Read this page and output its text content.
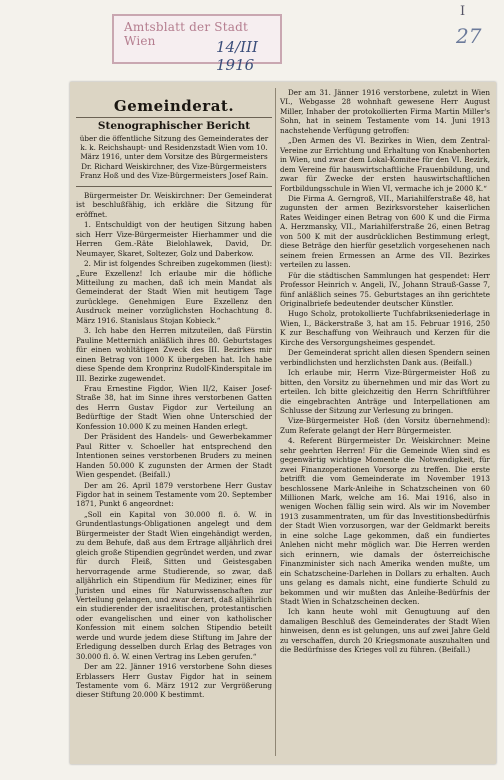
Amtsblatt der Stadt Wien	14/III 1916
I
27
Gemeinderat.
Stenographischer Bericht
über die öffentliche Sitzung des Gemeinderates der k. k. Reichshaupt- und Residenzstadt Wien vom 10. März 1916, unter dem Vorsitze des Bürgermeisters Dr. Richard Weiskirchner, des Vize-Bürgermeisters Franz Hoß und des Vize-Bürgermeisters Josef Rain.

Bürgermeister Dr. Weiskirchner: Der Gemeinderat ist beschlußfähig, ich erkläre die Sitzung für eröffnet.

1. Entschuldigt von der heutigen Sitzung haben sich Herr Vize-Bürgermeister Hierhammer und die Herren Gem.-Räte Bielohlawek, David, Dr. Neumayer, Skaret, Soltezer, Golz und Daberkow.

2. Mir ist folgendes Schreiben zugekommen (liest): „Eure Exzellenz! Ich erlaube mir die höfliche Mitteilung zu machen, daß ich mein Mandat als Gemeinderat der Stadt Wien mit heutigem Tage zurücklege. Genehmigen Eure Exzellenz den Ausdruck meiner vorzüglichsten Hochachtung 8. März 1916. Stanislaus Stojan Kobieck.“

3. Ich habe den Herren mitzuteilen, daß Fürstin Pauline Metternich anläßlich ihres 80. Geburtstages für einen wohltätigen Zweck des III. Bezirkes mir einen Betrag von 1000 K übergeben hat. Ich habe diese Spende dem Kronprinz Rudolf-Kinderspitale im III. Bezirke zugewendet.

Frau Ernestine Figdor, Wien II/2, Kaiser Josef-Straße 38, hat im Sinne ihres verstorbenen Gatten des Herrn Gustav Figdor zur Verteilung an Bedürftige der Stadt Wien ohne Unterschied der Konfession 10.000 K zu meinen Handen erlegt.

Der Präsident des Handels- und Gewerbekammer Paul Ritter v. Schoeller hat entsprechend den Intentionen seines verstorbenen Bruders zu meinen Handen 50.000 K zugunsten der Armen der Stadt Wien gespendet. (Beifall.)

Der am 26. April 1879 verstorbene Herr Gustav Figdor hat in seinem Testamente vom 20. September 1871, Punkt 6 angeordnet:

„Soll ein Kapital von 30.000 fl. ö. W. in Grundentlastungs-Obligationen angelegt und dem Bürgermeister der Stadt Wien eingehändigt werden, zu dem Behufe, daß aus dem Ertrage alljährlich drei gleich große Stipendien gegründet werden, und zwar für durch Fleiß, Sitten und Geistesgaben hervorragende arme Studierende, so zwar, daß alljährlich ein Stipendium für Mediziner, eines für Juristen und eines für Naturwissenschaften zur Verteilung gelangen, und zwar derart, daß alljährlich ein studierender der israelitischen, protestantischen oder evangelischen und einer von katholischer Konfession mit einem solchen Stipendio beteilt werde und wurde jedem diese Stiftung im Jahre der Erledigung desselben durch Erlag des Betrages von 30.000 fl. ö. W. einen Vertrag ins Leben gerufen.“

Der am 22. Jänner 1916 verstorbene Sohn dieses Erblassers Herr Gustav Figdor hat in seinem Testamente vom 6. März 1912 zur Vergrößerung dieser Stiftung 20.000 K bestimmt.

Der am 31. Jänner 1916 verstorbene, zuletzt in Wien VI., Webgasse 28 wohnhaft gewesene Herr August Miller, Inhaber der protokollierten Firma Martin Miller's Sohn, hat in seinem Testamente vom 14. Juni 1913 nachstehende Verfügung getroffen:

„Den Armen des VI. Bezirkes in Wien, dem Zentral-Vereine zur Errichtung und Erhaltung von Knabenhorten in Wien, und zwar dem Lokal-Komitee für den VI. Bezirk, dem Vereine für hauswirtschaftliche Frauenbildung, und zwar für Zwecke der ersten hauswirtschaftlichen Fortbildungsschule in Wien VI, vermache ich je 2000 K.“

Die Firma A. Gerngroß, VII., Mariahilferstraße 48, hat zugunsten der armen Bezirksvorsteher kaiserlichen Rates Weidinger einen Betrag von 600 K und die Firma A. Herzmansky, VII., Mariahilferstraße 26, einen Betrag von 500 K mit der ausdrücklichen Bestimmung erlegt, diese Beträge den hierfür gesetzlich vorgesehenen nach seinem freien Ermessen an Arme des VII. Bezirkes verteilen zu lassen.

Für die städtischen Sammlungen hat gespendet: Herr Professor Heinrich v. Angeli, IV., Johann Strauß-Gasse 7, fünf anläßlich seines 75. Geburtstages an ihn gerichtete Originalbriefe bedeutender deutscher Künstler.

Hugo Scholz, protokollierte Tuchfabrikseniederlage in Wien, I., Bäckerstraße 3, hat am 15. Februar 1916, 250 K zur Beschaffung von Weihrauch und Kerzen für die Kirche des Versorgungsheimes gespendet.

Der Gemeinderat spricht allen diesen Spendern seinen verbindlichsten und herzlichsten Dank aus. (Beifall.)

Ich erlaube mir, Herrn Vize-Bürgermeister Hoß zu bitten, den Vorsitz zu übernehmen und mir das Wort zu erteilen. Ich bitte gleichzeitig den Herrn Schriftführer die eingebrachten Anträge und Interpellationen am Schlusse der Sitzung zur Verlesung zu bringen.

Vize-Bürgermeister Hoß (den Vorsitz übernehmend): Zum Referate gelangt der Herr Bürgermeister.

4. Referent Bürgermeister Dr. Weiskirchner: Meine sehr geehrten Herren! Für die Gemeinde Wien sind es gegenwärtig wichtige Momente die Notwendigkeit, für zwei Finanzoperationen Vorsorge zu treffen. Die erste betrifft die vom Gemeinderate im November 1913 beschlossene Mark-Anleihe in Schatzscheinen von 60 Millionen Mark, welche am 16. Mai 1916, also in wenigen Wochen fällig sein wird. Als wir im November 1913 zusammentraten, um für das Investitionsbedürfnis der Stadt Wien vorzusorgen, war der Geldmarkt bereits in eine solche Lage gekommen, daß ein fundiertes Anlehen nicht mehr möglich war. Die Herren werden sich erinnern, wie damals der österreichische Finanzminister sich nach Amerika wenden mußte, um ein Schatzscheine-Darlehen in Dollars zu erhalten. Auch uns gelang es damals nicht, eine fundierte Schuld zu bekommen und wir mußten das Anleihe-Bedürfnis der Stadt Wien in Schatzscheinen decken.

Ich kann heute wohl mit Genugtuung auf den damaligen Beschluß des Gemeinderates der Stadt Wien hinweisen, denn es ist gelungen, uns auf zwei Jahre Geld zu verschaffen, durch 20 Kriegsmonate auszuhalten und die Bedürfnisse des Krieges voll zu führen. (Beifall.)
